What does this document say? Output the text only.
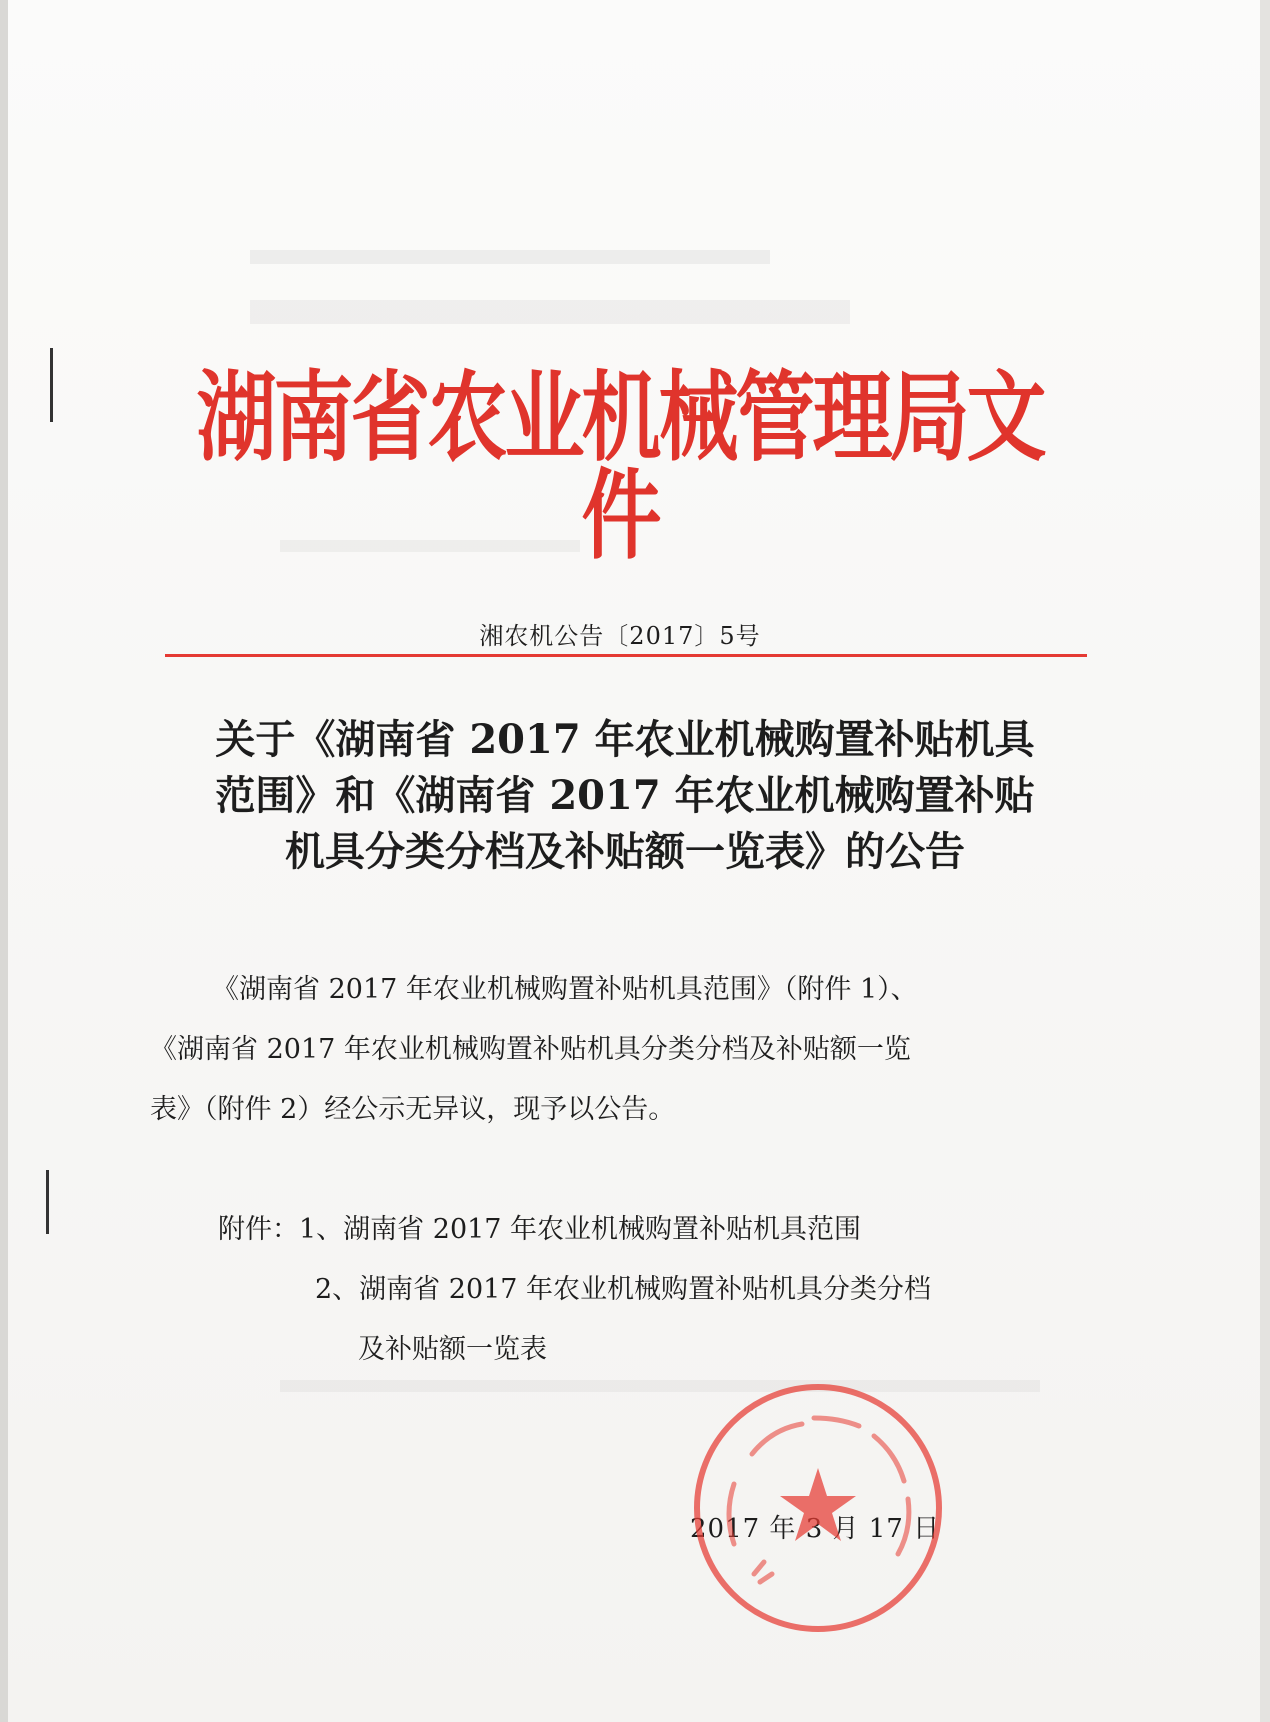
湖南省农业机械管理局文件
湘农机公告〔2017〕5号
关于《湖南省 2017 年农业机械购置补贴机具
范围》和《湖南省 2017 年农业机械购置补贴
机具分类分档及补贴额一览表》的公告
《湖南省 2017 年农业机械购置补贴机具范围》（附件 1）、
《湖南省 2017 年农业机械购置补贴机具分类分档及补贴额一览
表》（附件 2）经公示无异议，现予以公告。
附件：1、湖南省 2017 年农业机械购置补贴机具范围
2、湖南省 2017 年农业机械购置补贴机具分类分档
及补贴额一览表
2017 年 3 月 17 日
